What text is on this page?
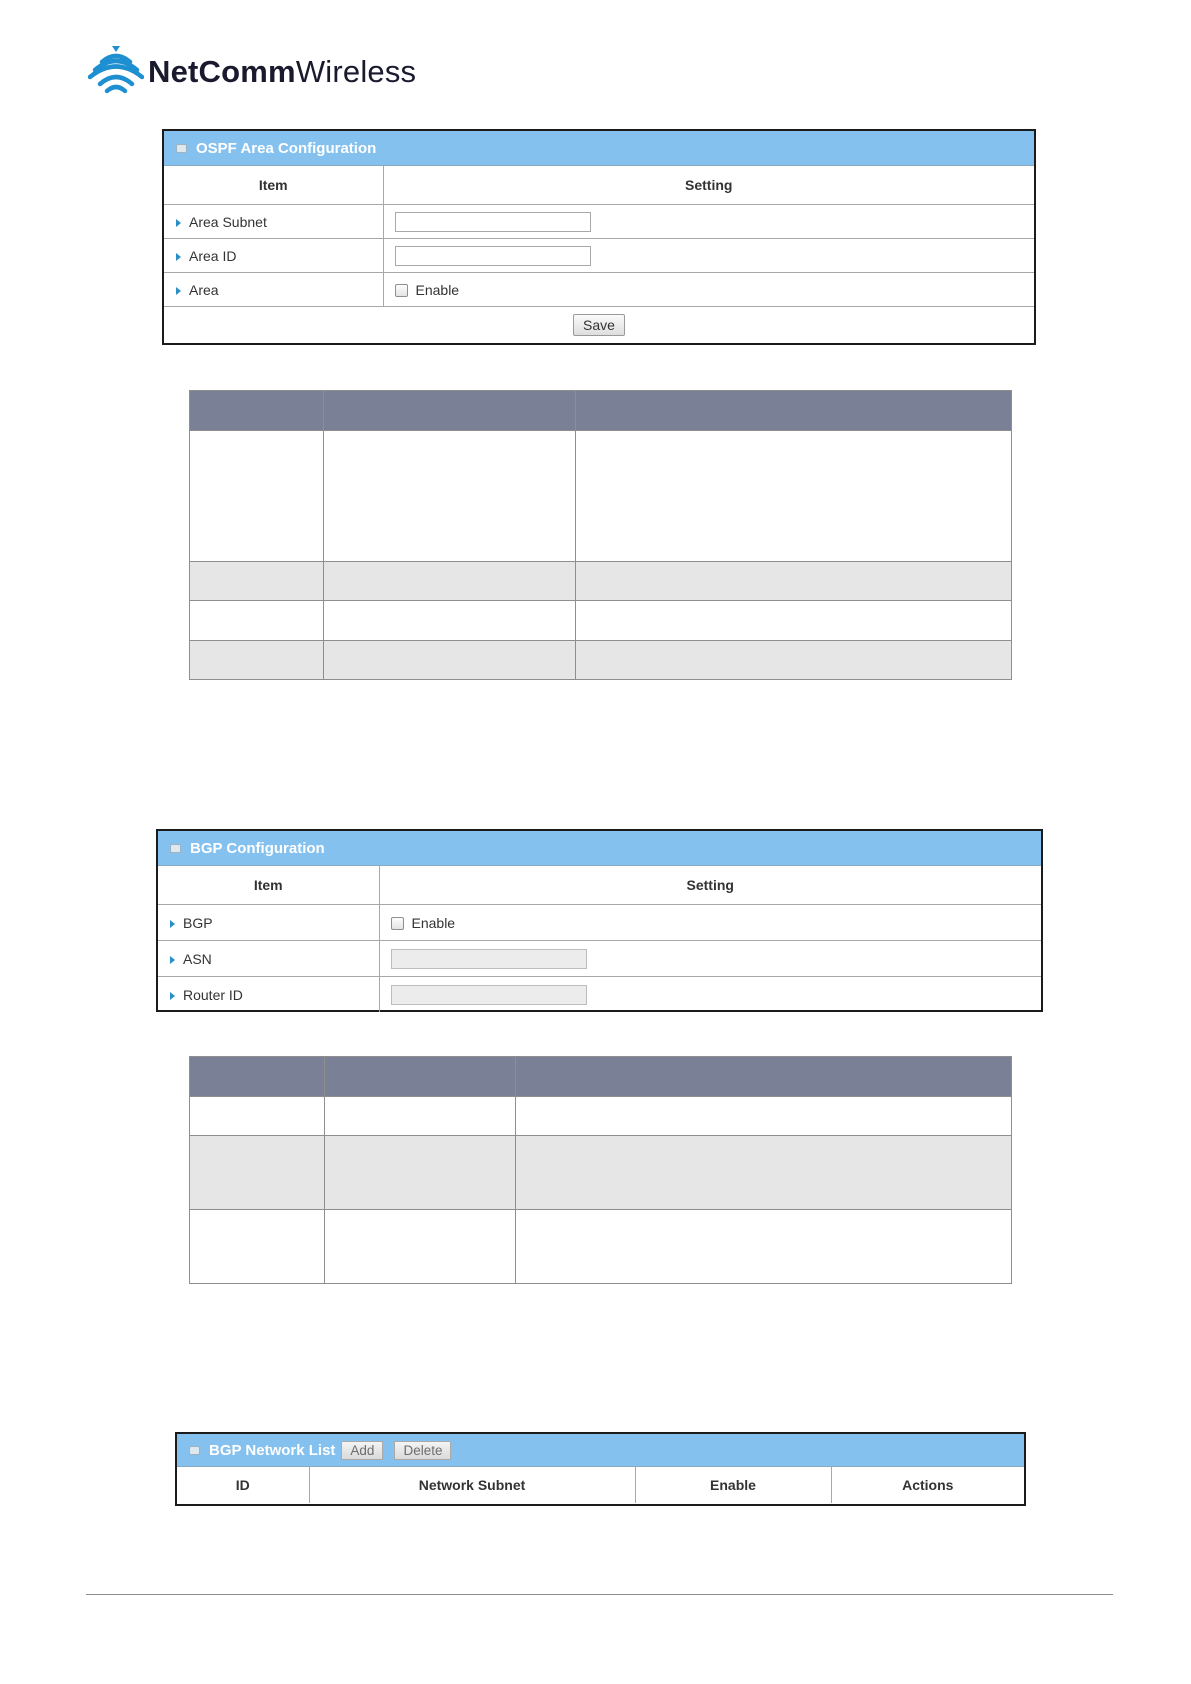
NetCommWireless
OSPF Area Configuration
Item	Setting
Area Subnet	
Area ID	
Area	Enable
Save	

BGP Configuration
Item	Setting
BGP	Enable
ASN	
Router ID	

BGP Network List	Add	Delete
ID	Network Subnet	Enable	Actions
